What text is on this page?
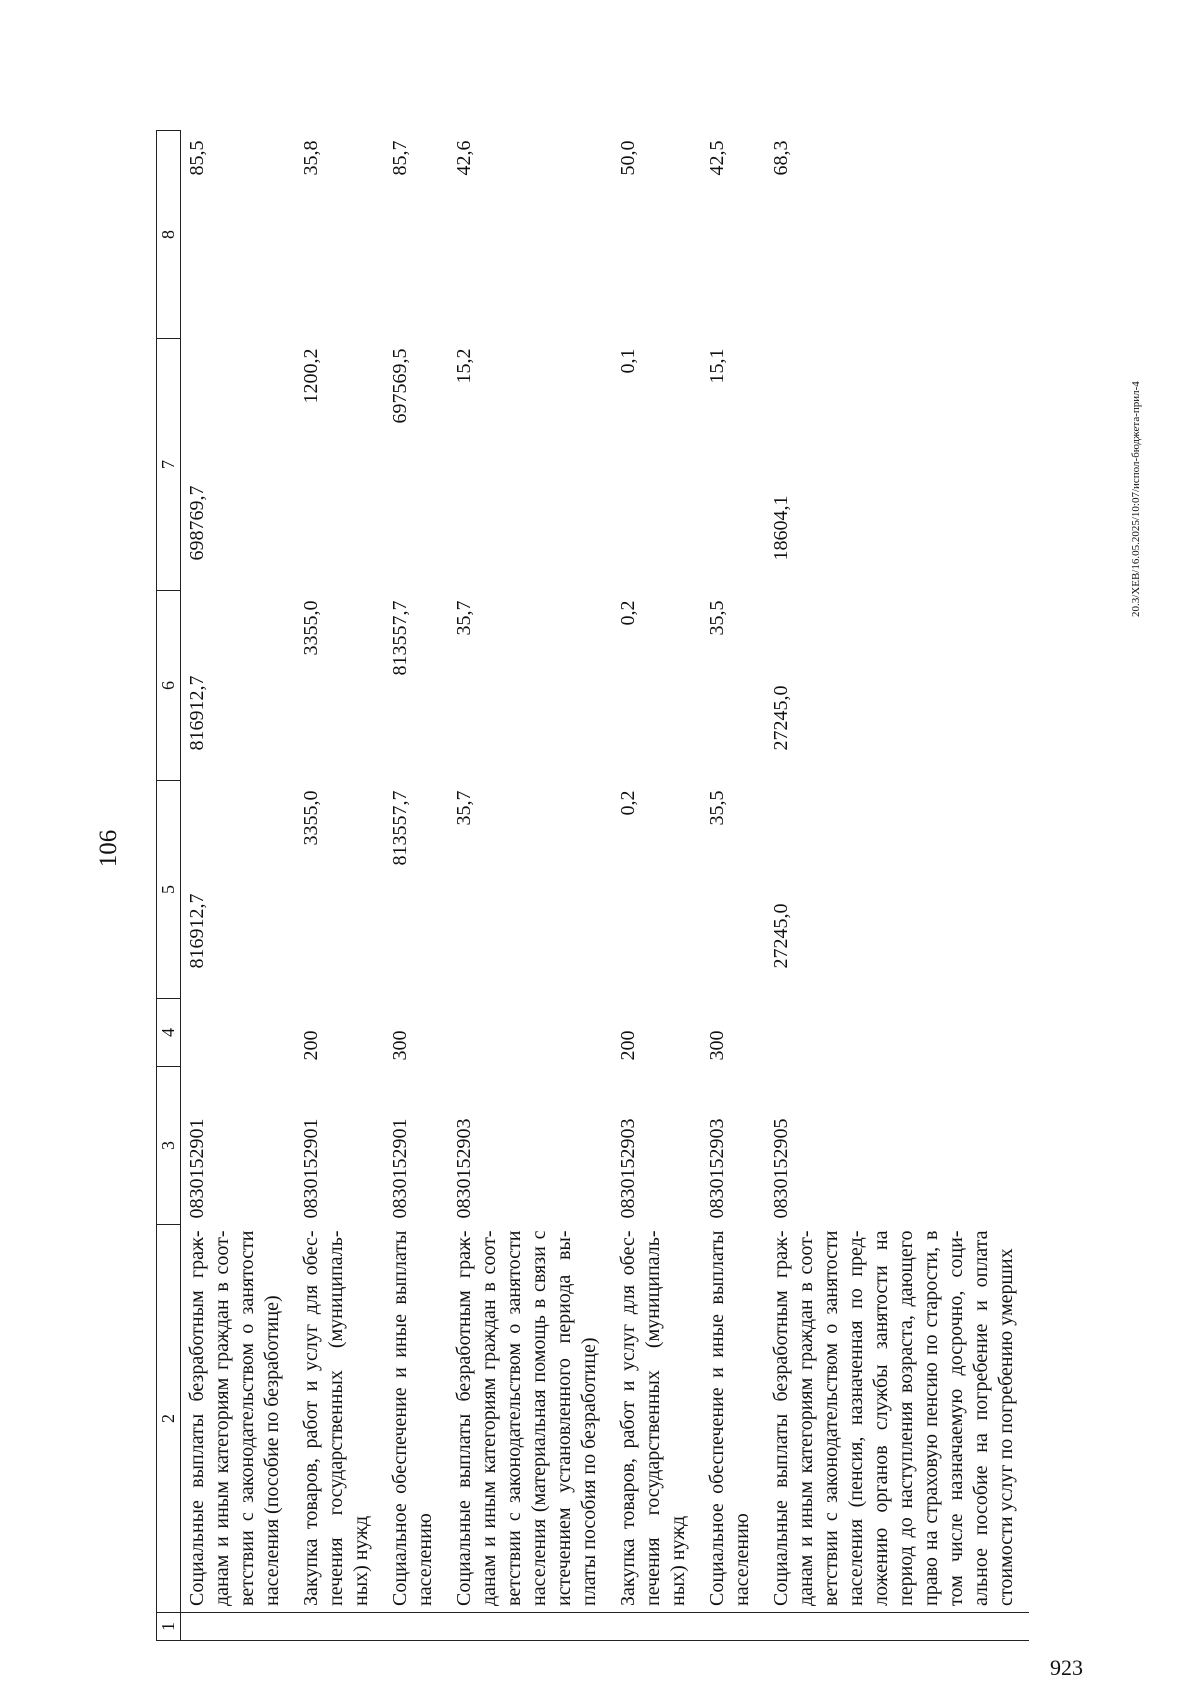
106
1	2	3	4	5	6	7	8
	Социальные выплаты безработным граж-данам и иным категориям граждан в соот-ветствии с законодательством о занятости населения (пособие по безработице)	0830152901		816912,7	816912,7	698769,7	85,5
	Закупка товаров, работ и услуг для обес-печения государственных (муниципаль-ных) нужд	0830152901	200	3355,0	3355,0	1200,2	35,8
	Социальное обеспечение и иные выплаты населению	0830152901	300	813557,7	813557,7	697569,5	85,7
	Социальные выплаты безработным граж-данам и иным категориям граждан в соот-ветствии с законодательством о занятости населения (материальная помощь в связи с истечением установленного периода вы-платы пособия по безработице)	0830152903		35,7	35,7	15,2	42,6
	Закупка товаров, работ и услуг для обес-печения государственных (муниципаль-ных) нужд	0830152903	200	0,2	0,2	0,1	50,0
	Социальное обеспечение и иные выплаты населению	0830152903	300	35,5	35,5	15,1	42,5
	Социальные выплаты безработным граж-данам и иным категориям граждан в соот-ветствии с законодательством о занятости населения (пенсия, назначенная по пред-ложению органов службы занятости на период до наступления возраста, дающего право на страховую пенсию по старости, в том числе назначаемую досрочно, соци-альное пособие на погребение и оплата стоимости услуг по погребению умерших	0830152905		27245,0	27245,0	18604,1	68,3
20.3/XEB/16.05.2025/10:07/испол-бюджета-прил-4
923
